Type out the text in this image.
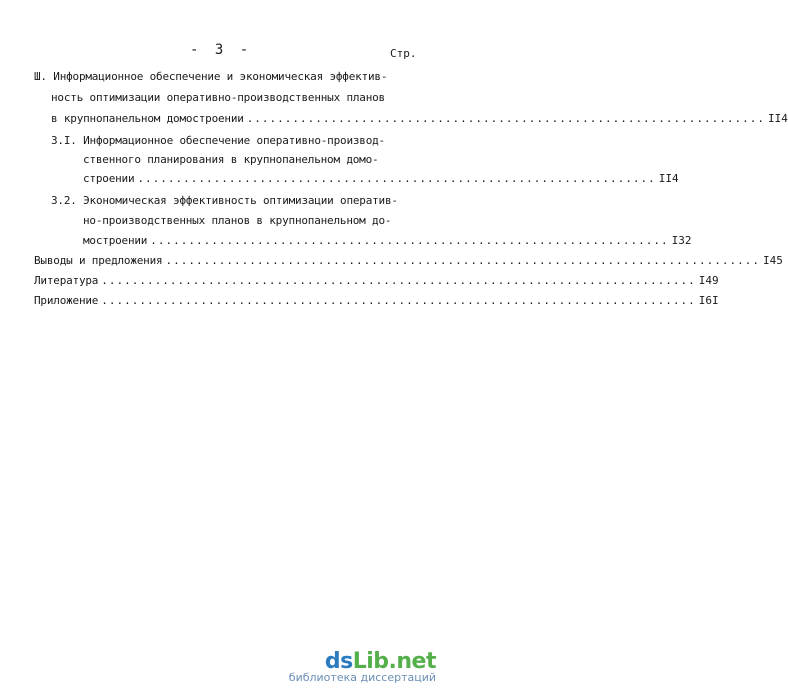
- 3 -	Стр.
Ш. Информационное обеспечение и экономическая эффектив-
ность оптимизации оперативно-производственных планов
в крупнопанельном домостроении .................................................................... II4
3.I. Информационное обеспечение оперативно-производ-
ственного планирования в крупнопанельном домо-
строении .................................................................... II4
3.2. Экономическая эффективность оптимизации оператив-
но-производственных планов в крупнопанельном до-
мостроении .................................................................... I32
Выводы и предложения .............................................................................. I45
Литература .............................................................................. I49
Приложение .............................................................................. I6I
dsLib.net
библиотека диссертаций
